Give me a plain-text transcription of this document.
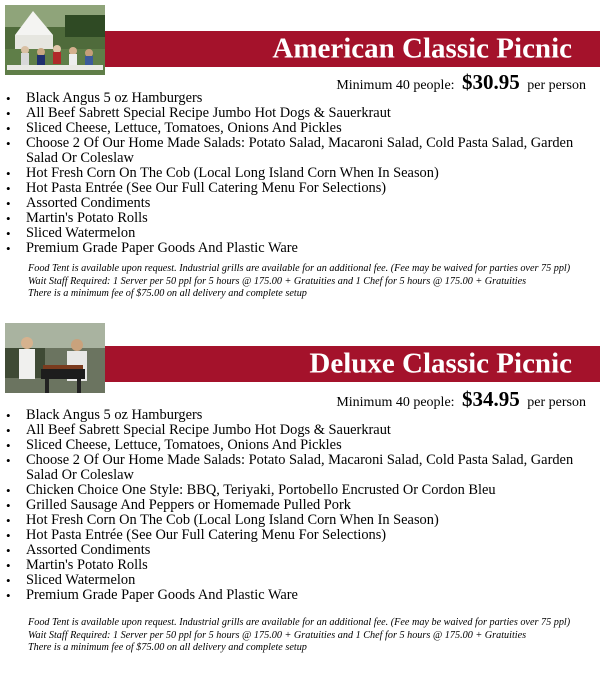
American Classic Picnic
Minimum 40 people: $30.95 per person
• Black Angus 5 oz Hamburgers
• All Beef Sabrett Special Recipe Jumbo Hot Dogs & Sauerkraut
• Sliced Cheese, Lettuce, Tomatoes, Onions And Pickles
• Choose 2 Of Our Home Made Salads: Potato Salad, Macaroni Salad, Cold Pasta Salad, Garden Salad Or Coleslaw
• Hot Fresh Corn On The Cob (Local Long Island Corn When In Season)
• Hot Pasta Entrée (See Our Full Catering Menu For Selections)
• Assorted Condiments
• Martin's Potato Rolls
• Sliced Watermelon
• Premium Grade Paper Goods And Plastic Ware
Food Tent is available upon request. Industrial grills are available for an additional fee. (Fee may be waived for parties over 75 ppl)
Wait Staff Required: 1 Server per 50 ppl for 5 hours @ 175.00 + Gratuities and 1 Chef for 5 hours @ 175.00 + Gratuities
There is a minimum fee of $75.00 on all delivery and complete setup
Deluxe Classic Picnic
Minimum 40 people: $34.95 per person
• Black Angus 5 oz Hamburgers
• All Beef Sabrett Special Recipe Jumbo Hot Dogs & Sauerkraut
• Sliced Cheese, Lettuce, Tomatoes, Onions And Pickles
• Choose 2 Of Our Home Made Salads: Potato Salad, Macaroni Salad, Cold Pasta Salad, Garden Salad Or Coleslaw
• Chicken Choice One Style: BBQ, Teriyaki, Portobello Encrusted Or Cordon Bleu
• Grilled Sausage And Peppers or Homemade Pulled Pork
• Hot Fresh Corn On The Cob (Local Long Island Corn When In Season)
• Hot Pasta Entrée (See Our Full Catering Menu For Selections)
• Assorted Condiments
• Martin's Potato Rolls
• Sliced Watermelon
• Premium Grade Paper Goods And Plastic Ware
Food Tent is available upon request. Industrial grills are available for an additional fee. (Fee may be waived for parties over 75 ppl)
Wait Staff Required: 1 Server per 50 ppl for 5 hours @ 175.00 + Gratuities and 1 Chef for 5 hours @ 175.00 + Gratuities
There is a minimum fee of $75.00 on all delivery and complete setup
